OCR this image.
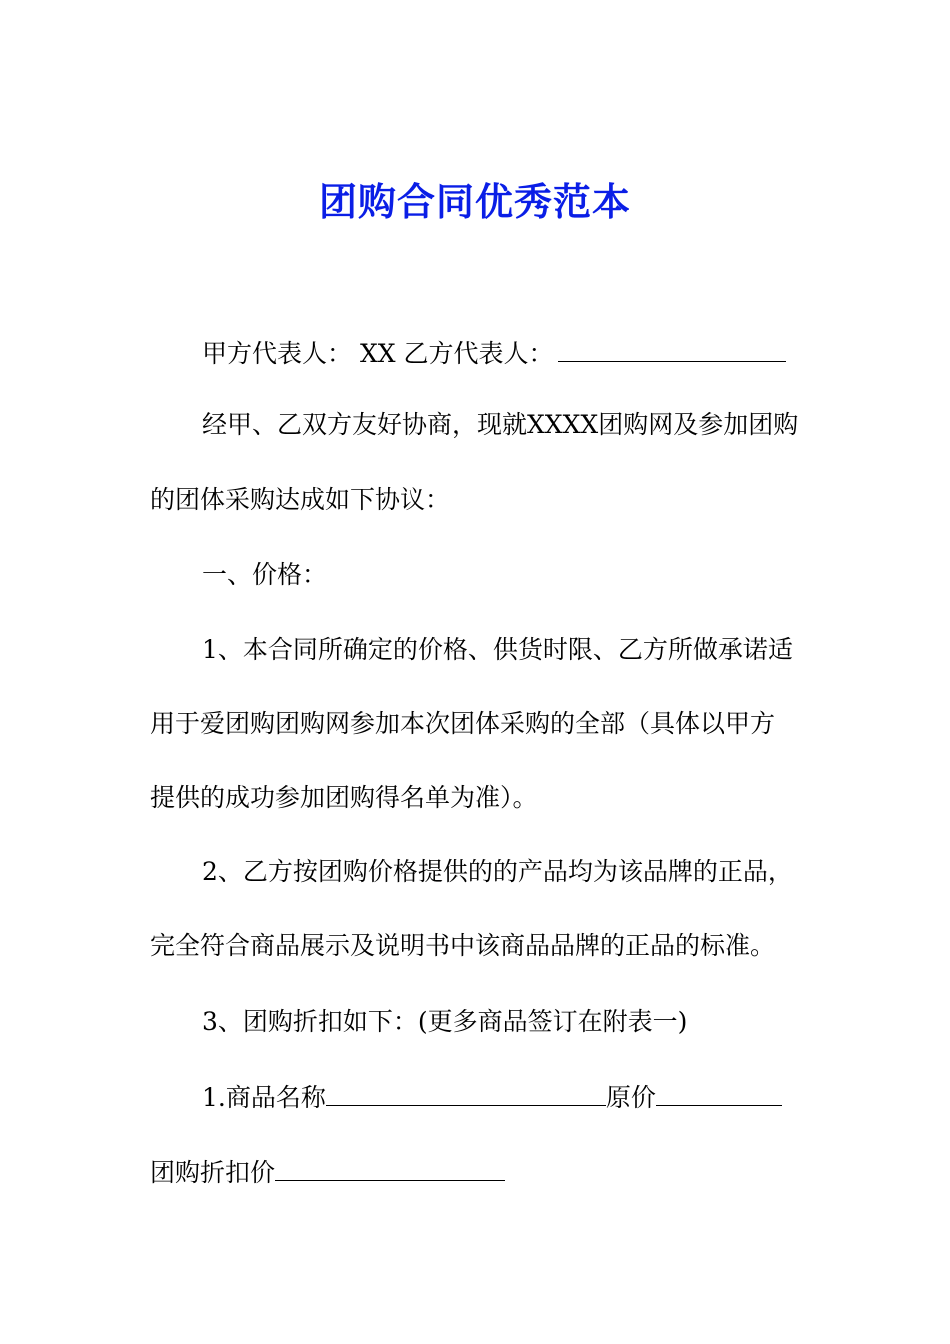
团购合同优秀范本
甲方代表人： XX 乙方代表人：
经甲、乙双方友好协商，现就XXXX团购网及参加团购
的团体采购达成如下协议：
一、价格：
1、本合同所确定的价格、供货时限、乙方所做承诺适
用于爱团购团购网参加本次团体采购的全部（具体以甲方
提供的成功参加团购得名单为准）。
2、乙方按团购价格提供的的产品均为该品牌的正品，
完全符合商品展示及说明书中该商品品牌的正品的标准。
3、团购折扣如下：(更多商品签订在附表一)
1.商品名称	原价
团购折扣价
